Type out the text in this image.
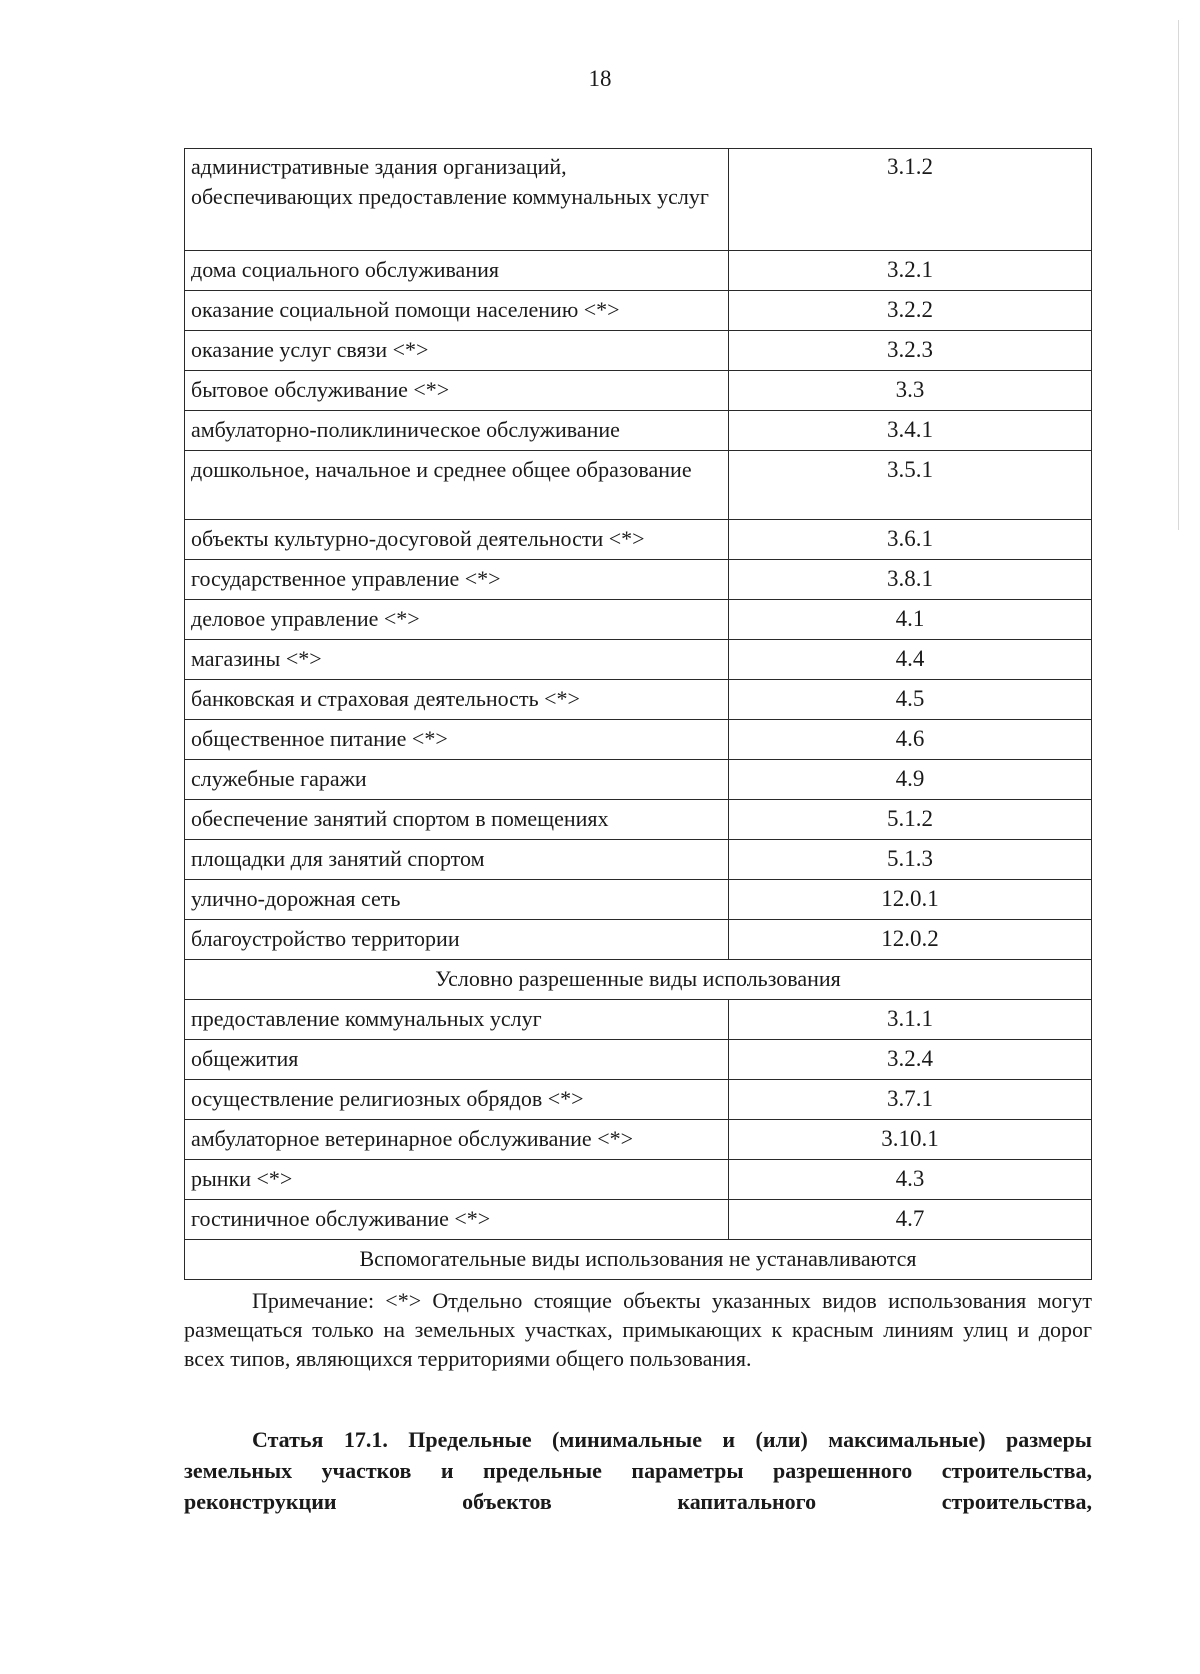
18
административные здания организаций, обеспечивающих предоставление коммунальных услуг	3.1.2
дома социального обслуживания	3.2.1
оказание социальной помощи населению <*>	3.2.2
оказание услуг связи <*>	3.2.3
бытовое обслуживание <*>	3.3
амбулаторно-поликлиническое обслуживание	3.4.1
дошкольное, начальное и среднее общее образование	3.5.1
объекты культурно-досуговой деятельности <*>	3.6.1
государственное управление <*>	3.8.1
деловое управление <*>	4.1
магазины <*>	4.4
банковская и страховая деятельность <*>	4.5
общественное питание <*>	4.6
служебные гаражи	4.9
обеспечение занятий спортом в помещениях	5.1.2
площадки для занятий спортом	5.1.3
улично-дорожная сеть	12.0.1
благоустройство территории	12.0.2
Условно разрешенные виды использования	
предоставление коммунальных услуг	3.1.1
общежития	3.2.4
осуществление религиозных обрядов <*>	3.7.1
амбулаторное ветеринарное обслуживание <*>	3.10.1
рынки <*>	4.3
гостиничное обслуживание <*>	4.7
Вспомогательные виды использования не устанавливаются	
Примечание: <*> Отдельно стоящие объекты указанных видов использования могут размещаться только на земельных участках, примыкающих к красным линиям улиц и дорог всех типов, являющихся территориями общего пользования.
Статья 17.1. Предельные (минимальные и (или) максимальные) размеры земельных участков и предельные параметры разрешенного строительства, реконструкции объектов капитального строительства,
